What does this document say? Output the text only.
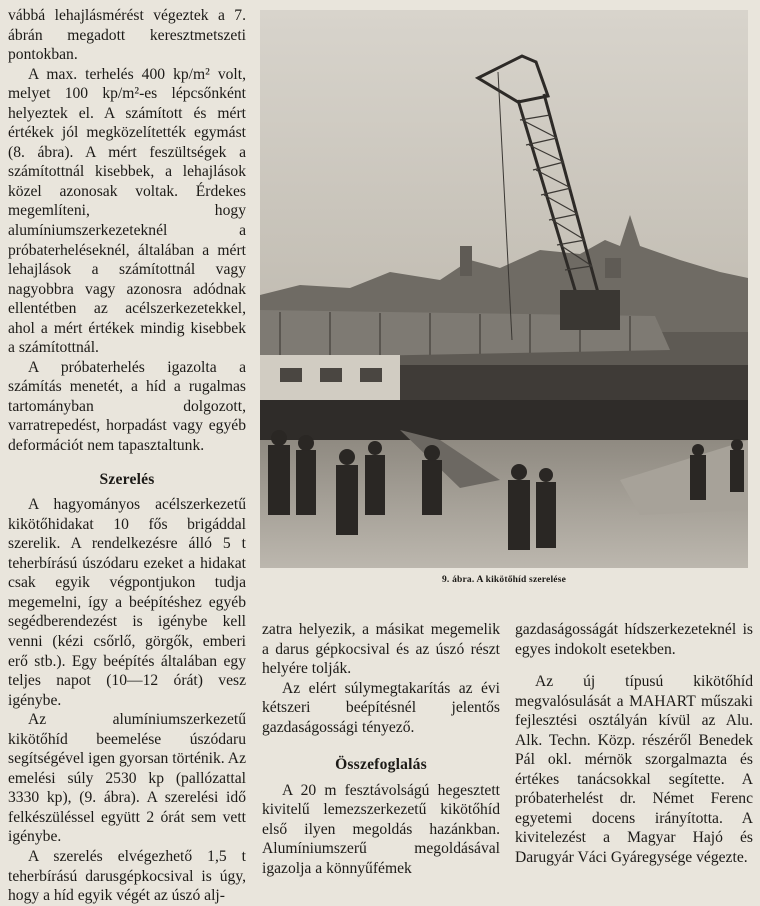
vábbá lehajlásmérést végeztek a 7. ábrán megadott keresztmetszeti pontokban.

A max. terhelés 400 kp/m² volt, melyet 100 kp/m²-es lépcsőnként helyeztek el. A számított és mért értékek jól megközelítették egymást (8. ábra). A mért feszültségek a számítottnál kisebbek, a lehajlások közel azonosak voltak. Érdekes megemlíteni, hogy alumíniumszerkezeteknél a próbaterheléseknél, általában a mért lehajlások a számítottnál vagy nagyobbra vagy azonosra adódnak ellentétben az acélszerkezetekkel, ahol a mért értékek mindig kisebbek a számítottnál.

A próbaterhelés igazolta a számítás menetét, a híd a rugalmas tartományban dolgozott, varratrepedést, horpadást vagy egyéb deformációt nem tapasztaltunk.

Szerelés

A hagyományos acélszerkezetű kikötőhidakat 10 fős brigáddal szerelik. A rendelkezésre álló 5 t teherbírású úszódaru ezeket a hidakat csak egyik végpontjukon tudja megemelni, így a beépítéshez egyéb segédberendezést is igénybe kell venni (kézi csőrlő, görgők, emberi erő stb.). Egy beépítés általában egy teljes napot (10—12 órát) vesz igénybe.

Az alumíniumszerkezetű kikötőhíd beemelése úszódaru segítségével igen gyorsan történik. Az emelési súly 2530 kp (pallózattal 3330 kp), (9. ábra). A szerelési idő felkészüléssel együtt 2 órát sem vett igénybe.

A szerelés elvégezhető 1,5 t teherbírású darusgépkocsival is úgy, hogy a híd egyik végét az úszó alj-

9. ábra. A kikötőhíd szerelése

zatra helyezik, a másikat megemelik a darus gépkocsival és az úszó részt helyére tolják.

Az elért súlymegtakarítás az évi kétszeri beépítésnél jelentős gazdaságossági tényező.

Összefoglalás

A 20 m fesztávolságú hegesztett kivitelű lemezszerkezetű kikötőhíd első ilyen megoldás hazánkban. Alumíniumszerű megoldásával igazolja a könnyűfémek

gazdaságosságát hídszerkezeteknél is egyes indokolt esetekben.

Az új típusú kikötőhíd megvalósulását a MAHART műszaki fejlesztési osztályán kívül az Alu. Alk. Techn. Közp. részéről Benedek Pál okl. mérnök szorgalmazta és értékes tanácsokkal segítette. A próbaterhelést dr. Német Ferenc egyetemi docens irányította. A kivitelezést a Magyar Hajó és Darugyár Váci Gyáregysége végezte.
